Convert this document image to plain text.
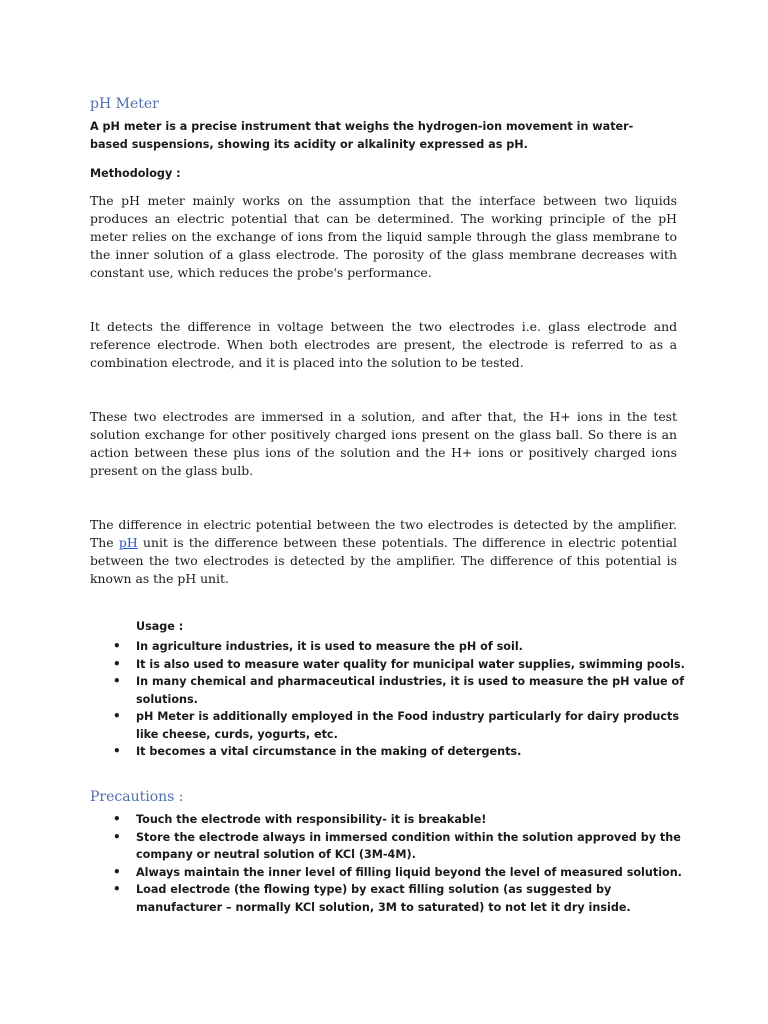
pH Meter

A pH meter is a precise instrument that weighs the hydrogen-ion movement in water-based suspensions, showing its acidity or alkalinity expressed as pH.

Methodology :

The pH meter mainly works on the assumption that the interface between two liquids produces an electric potential that can be determined. The working principle of the pH meter relies on the exchange of ions from the liquid sample through the glass membrane to the inner solution of a glass electrode. The porosity of the glass membrane decreases with constant use, which reduces the probe's performance.

It detects the difference in voltage between the two electrodes i.e. glass electrode and reference electrode. When both electrodes are present, the electrode is referred to as a combination electrode, and it is placed into the solution to be tested.

These two electrodes are immersed in a solution, and after that, the H+ ions in the test solution exchange for other positively charged ions present on the glass ball. So there is an action between these plus ions of the solution and the H+ ions or positively charged ions present on the glass bulb.

The difference in electric potential between the two electrodes is detected by the amplifier. The pH unit is the difference between these potentials. The difference in electric potential between the two electrodes is detected by the amplifier. The difference of this potential is known as the pH unit.

Usage :

• In agriculture industries, it is used to measure the pH of soil.
• It is also used to measure water quality for municipal water supplies, swimming pools.
• In many chemical and pharmaceutical industries, it is used to measure the pH value of solutions.
• pH Meter is additionally employed in the Food industry particularly for dairy products like cheese, curds, yogurts, etc.
• It becomes a vital circumstance in the making of detergents.
Precautions :
• Touch the electrode with responsibility- it is breakable!
• Store the electrode always in immersed condition within the solution approved by the company or neutral solution of KCl (3M-4M).
• Always maintain the inner level of filling liquid beyond the level of measured solution.
• Load electrode (the flowing type) by exact filling solution (as suggested by manufacturer – normally KCl solution, 3M to saturated) to not let it dry inside.
